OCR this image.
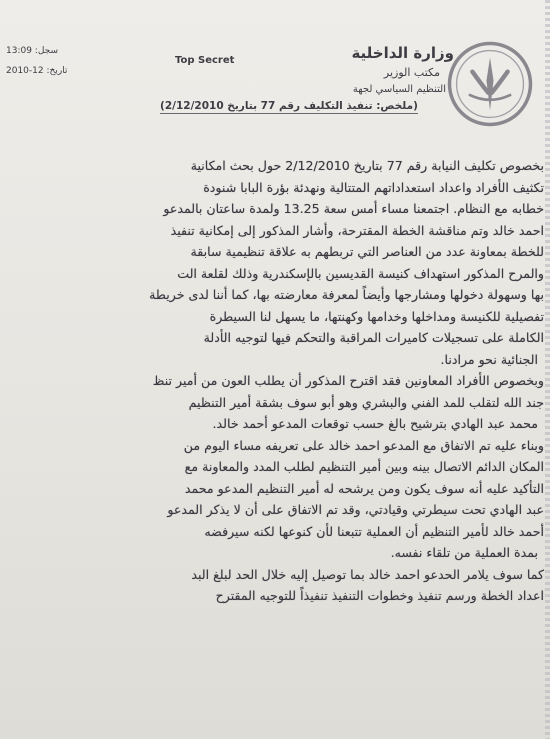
وزارة الداخلية
مكتب الوزير
التنظيم السياسي لجهة
Top Secret
سجل: 13:09
تاريخ: 12-2010
(ملخص: تنفيذ التكليف رقم 77 بتاريخ 2/12/2010)
بخصوص تكليف النيابة رقم 77 بتاريخ 2/12/2010 حول بحث امكانية
تكثيف الأفراد واعداد استعداداتهم المتتالية ونهدئة بؤرة البابا شنودة
خطابه مع النظام. اجتمعنا مساء أمس سعة 13.25 ولمدة ساعتان بالمدعو
احمد خالد وتم مناقشة الخطة المقترحة، وأشار المذكور إلى إمكانية تنفيذ
للخطة بمعاونة عدد من العناصر التي تربطهم به علاقة تنظيمية سابقة
والمرح المذكور استهداف كنيسة القديسين بالإسكندرية وذلك لقلعة الت
بها وسهولة دخولها ومشارجها وأيضاً لمعرفة معارضته بها، كما أننا لدى خريطة
تفصيلية للكنيسة ومداخلها وخدامها وكهنتها، ما يسهل لنا السيطرة
الكاملة على تسجيلات كاميرات المراقبة والتحكم فيها لتوجيه الأدلة
الجنائية نحو مرادنا.
وبخصوص الأفراد المعاونين فقد اقترح المذكور أن يطلب العون من أمير تنظ
جند الله لتقلب للمد الفني والبشري وهو أبو سوف بشقة أمير التنظيم
محمد عبد الهادي بترشيح بالغ حسب توقعات المدعو أحمد خالد.
وبناء عليه تم الاتفاق مع المدعو احمد خالد على تعريفه مساء اليوم من
المكان الدائم الاتصال بينه وبين أمير التنظيم لطلب المدد والمعاونة مع
التأكيد عليه أنه سوف يكون ومن يرشحه له أمير التنظيم المدعو محمد
عبد الهادي تحت سيطرتي وقيادتي، وقد تم الاتفاق على أن لا يذكر المدعو
أحمد خالد لأمير التنظيم أن العملية تتبعنا لأن كنوعها لكنه سيرفضه
بمدة العملية من تلقاء نفسه.
كما سوف يلامر الحدعو احمد خالد بما توصيل إليه خلال الحد لبلغ البد
اعداد الخطة ورسم تنفيذ وخطوات التنفيذ تنفيذاً للتوجيه المقترح
